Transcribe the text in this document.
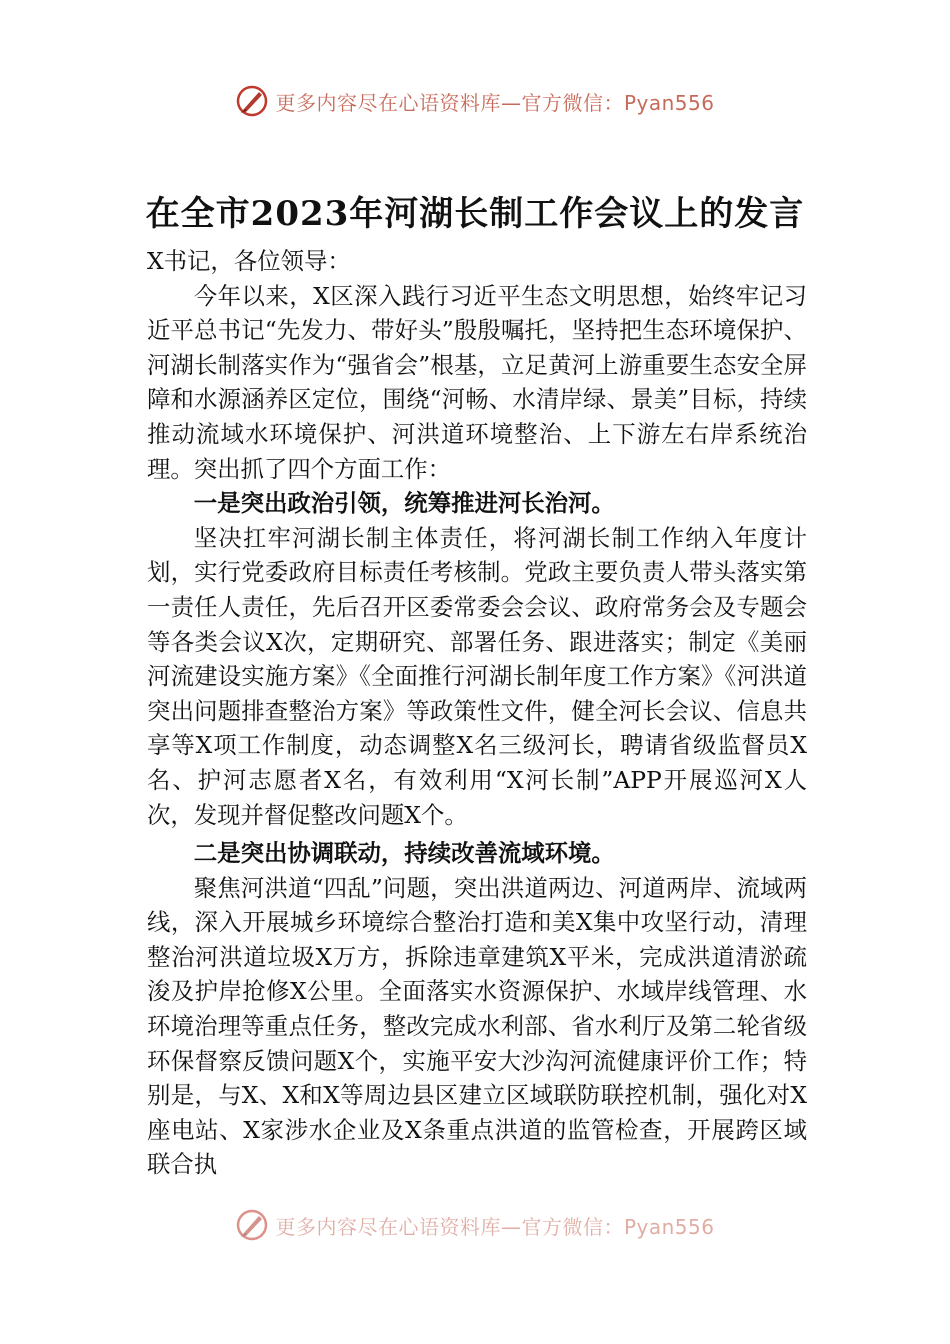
更多内容尽在心语资料库—官方微信：Pyan556
在全市2023年河湖长制工作会议上的发言

X书记，各位领导：

今年以来，X区深入践行习近平生态文明思想，始终牢记习近平总书记“先发力、带好头”殷殷嘱托，坚持把生态环境保护、河湖长制落实作为“强省会”根基，立足黄河上游重要生态安全屏障和水源涵养区定位，围绕“河畅、水清岸绿、景美”目标，持续推动流域水环境保护、河洪道环境整治、上下游左右岸系统治理。突出抓了四个方面工作：

一是突出政治引领，统筹推进河长治河。

坚决扛牢河湖长制主体责任，将河湖长制工作纳入年度计划，实行党委政府目标责任考核制。党政主要负责人带头落实第一责任人责任，先后召开区委常委会会议、政府常务会及专题会等各类会议X次，定期研究、部署任务、跟进落实；制定《美丽河流建设实施方案》《全面推行河湖长制年度工作方案》《河洪道突出问题排查整治方案》等政策性文件，健全河长会议、信息共享等X项工作制度，动态调整X名三级河长，聘请省级监督员X名、护河志愿者X名，有效利用“X河长制”APP开展巡河X人次，发现并督促整改问题X个。

二是突出协调联动，持续改善流域环境。

聚焦河洪道“四乱”问题，突出洪道两边、河道两岸、流域两线，深入开展城乡环境综合整治打造和美X集中攻坚行动，清理整治河洪道垃圾X万方，拆除违章建筑X平米，完成洪道清淤疏浚及护岸抢修X公里。全面落实水资源保护、水域岸线管理、水环境治理等重点任务，整改完成水利部、省水利厅及第二轮省级环保督察反馈问题X个，实施平安大沙沟河流健康评价工作；特别是，与X、X和X等周边县区建立区域联防联控机制，强化对X座电站、X家涉水企业及X条重点洪道的监管检查，开展跨区域联合执

更多内容尽在心语资料库—官方微信：Pyan556
